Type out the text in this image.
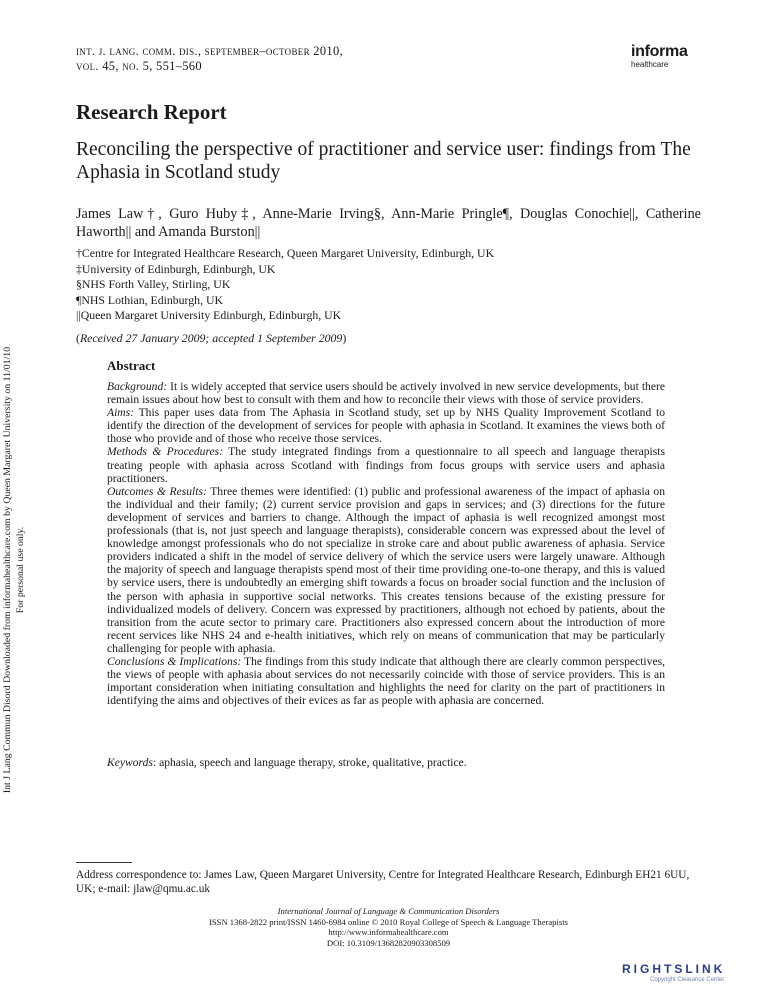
int. j. lang. comm. dis., september–october 2010,
vol. 45, no. 5, 551–560
informa
healthcare
Research Report
Reconciling the perspective of practitioner and service user: findings from The Aphasia in Scotland study
James Law†, Guro Huby‡, Anne-Marie Irving§, Ann-Marie Pringle¶, Douglas Conochie||, Catherine Haworth|| and Amanda Burston||
†Centre for Integrated Healthcare Research, Queen Margaret University, Edinburgh, UK
‡University of Edinburgh, Edinburgh, UK
§NHS Forth Valley, Stirling, UK
¶NHS Lothian, Edinburgh, UK
||Queen Margaret University Edinburgh, Edinburgh, UK
(Received 27 January 2009; accepted 1 September 2009)
Abstract

Background: It is widely accepted that service users should be actively involved in new service developments, but there remain issues about how best to consult with them and how to reconcile their views with those of service providers.

Aims: This paper uses data from The Aphasia in Scotland study, set up by NHS Quality Improvement Scotland to identify the direction of the development of services for people with aphasia in Scotland. It examines the views both of those who provide and of those who receive those services.

Methods & Procedures: The study integrated findings from a questionnaire to all speech and language therapists treating people with aphasia across Scotland with findings from focus groups with service users and aphasia practitioners.

Outcomes & Results: Three themes were identified: (1) public and professional awareness of the impact of aphasia on the individual and their family; (2) current service provision and gaps in services; and (3) directions for the future development of services and barriers to change. Although the impact of aphasia is well recognized amongst most professionals (that is, not just speech and language therapists), considerable concern was expressed about the level of knowledge amongst professionals who do not specialize in stroke care and about public awareness of aphasia. Service providers indicated a shift in the model of service delivery of which the service users were largely unaware. Although the majority of speech and language therapists spend most of their time providing one-to-one therapy, and this is valued by service users, there is undoubtedly an emerging shift towards a focus on broader social function and the inclusion of the person with aphasia in supportive social networks. This creates tensions because of the existing pressure for individualized models of delivery. Concern was expressed by practitioners, although not echoed by patients, about the transition from the acute sector to primary care. Practitioners also expressed concern about the introduction of more recent services like NHS 24 and e-health initiatives, which rely on means of communication that may be particularly challenging for people with aphasia.

Conclusions & Implications: The findings from this study indicate that although there are clearly common perspectives, the views of people with aphasia about services do not necessarily coincide with those of service providers. This is an important consideration when initiating consultation and highlights the need for clarity on the part of practitioners in identifying the aims and objectives of their evices as far as people with aphasia are concerned.

Keywords: aphasia, speech and language therapy, stroke, qualitative, practice.
Address correspondence to: James Law, Queen Margaret University, Centre for Integrated Healthcare Research, Edinburgh EH21 6UU, UK; e-mail: jlaw@qmu.ac.uk
International Journal of Language & Communication Disorders
ISSN 1368-2822 print/ISSN 1460-6984 online © 2010 Royal College of Speech & Language Therapists
http://www.informahealthcare.com
DOI: 10.3109/13682820903308509
Int J Lang Commun Disord Downloaded from informahealthcare.com by Queen Margaret University on 11/01/10 For personal use only.
RIGHTSLINK
Copyright Clearance Center
